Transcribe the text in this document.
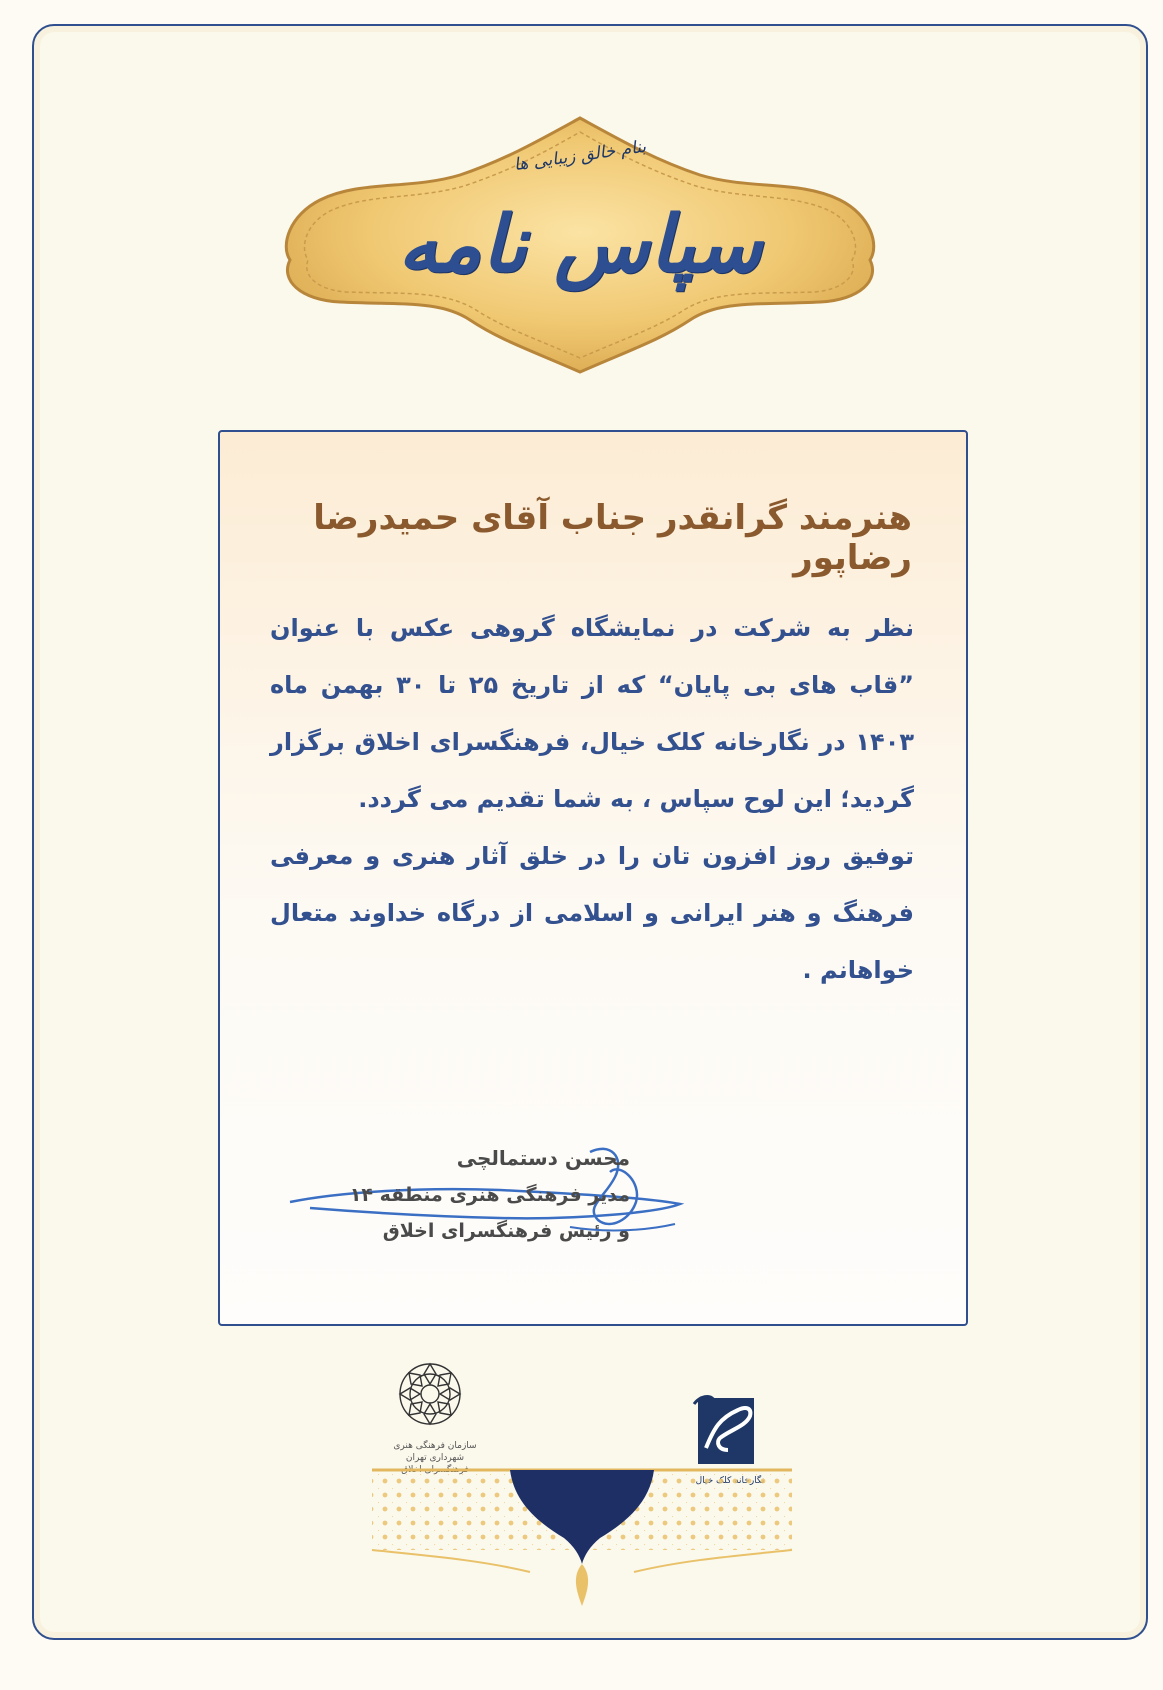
بنام خالق زیبایی ها
سپاس نامه
هنرمند گرانقدر جناب آقای حمیدرضا رضاپور

نظر به شرکت در نمایشگاه گروهی عکس با عنوان ”قاب های بی پایان“ که از تاریخ ۲۵ تا ۳۰ بهمن ماه ۱۴۰۳ در نگارخانه کلک خیال، فرهنگسرای اخلاق برگزار گردید؛ این لوح سپاس ، به شما تقدیم می گردد.

توفیق روز افزون تان را در خلق آثار هنری و معرفی فرهنگ و هنر ایرانی و اسلامی از درگاه خداوند متعال خواهانم .

محسن دستمالچی
مدیر فرهنگی هنری منطقه ۱۴
و رئیس فرهنگسرای اخلاق
سازمان فرهنگی هنری شهرداری تهران
